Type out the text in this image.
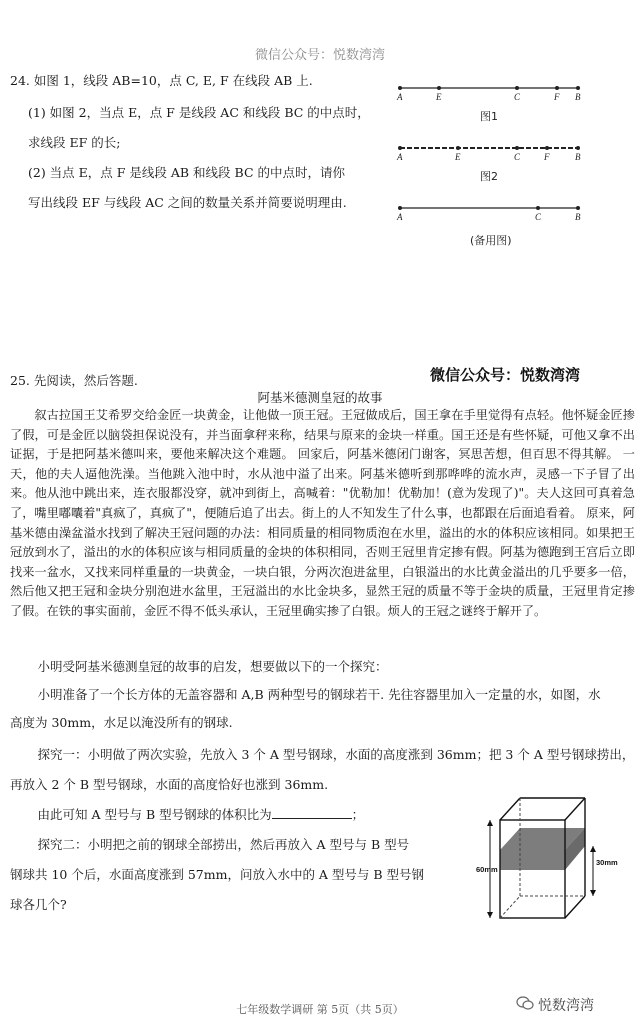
微信公众号：悦数湾湾
24. 如图 1，线段 AB=10，点 C, E, F 在线段 AB 上.
(1) 如图 2，当点 E，点 F 是线段 AC 和线段 BC 的中点时，
求线段 EF 的长;
(2) 当点 E，点 F 是线段 AB 和线段 BC 的中点时，请你
写出线段 EF 与线段 AC 之间的数量关系并简要说明理由.
A	E	C	F B
图1
A	E	C	F	B
图2
A	C	B
(备用图)
25. 先阅读，然后答题.	微信公众号：悦数湾湾
阿基米德测皇冠的故事
叙古拉国王艾希罗交给金匠一块黄金，让他做一顶王冠。王冠做成后，国王拿在手里觉得有点轻。他怀疑金匠掺了假，可是金匠以脑袋担保说没有，并当面拿秤来称，结果与原来的金块一样重。国王还是有些怀疑，可他又拿不出证据，于是把阿基米德叫来，要他来解决这个难题。 回家后，阿基米德闭门谢客，冥思苦想，但百思不得其解。 一天，他的夫人逼他洗澡。当他跳入池中时，水从池中溢了出来。阿基米德听到那哗哗的流水声，灵感一下子冒了出来。他从池中跳出来，连衣服都没穿，就冲到街上，高喊着："优勒加！优勒加！(意为发现了)"。夫人这回可真着急了，嘴里嘟囔着"真疯了，真疯了"，便随后追了出去。街上的人不知发生了什么事，也都跟在后面追看着。 原来，阿基米德由澡盆溢水找到了解决王冠问题的办法：相同质量的相同物质泡在水里，溢出的水的体积应该相同。如果把王冠放到水了，溢出的水的体积应该与相同质量的金块的体积相同，否则王冠里肯定掺有假。阿基为德跑到王宫后立即找来一盆水，又找来同样重量的一块黄金，一块白银，分两次泡进盆里，白银溢出的水比黄金溢出的几乎要多一倍，然后他又把王冠和金块分别泡进水盆里，王冠溢出的水比金块多，显然王冠的质量不等于金块的质量，王冠里肯定掺了假。在铁的事实面前，金匠不得不低头承认，王冠里确实掺了白银。烦人的王冠之谜终于解开了。
小明受阿基米德测皇冠的故事的启发，想要做以下的一个探究：
小明准备了一个长方体的无盖容器和 A,B 两种型号的钢球若干. 先往容器里加入一定量的水，如图，水
高度为 30mm，水足以淹没所有的钢球.
探究一：小明做了两次实验，先放入 3 个 A 型号钢球，水面的高度涨到 36mm；把 3 个 A 型号钢球捞出，
再放入 2 个 B 型号钢球，水面的高度恰好也涨到 36mm.
由此可知 A 型号与 B 型号钢球的体积比为	；
探究二：小明把之前的钢球全部捞出，然后再放入 A 型号与 B 型号
钢球共 10 个后，水面高度涨到 57mm，问放入水中的 A 型号与 B 型号钢
球各几个?
60mm
30mm
七年级数学调研 第 5页（共 5页）	悦数湾湾
